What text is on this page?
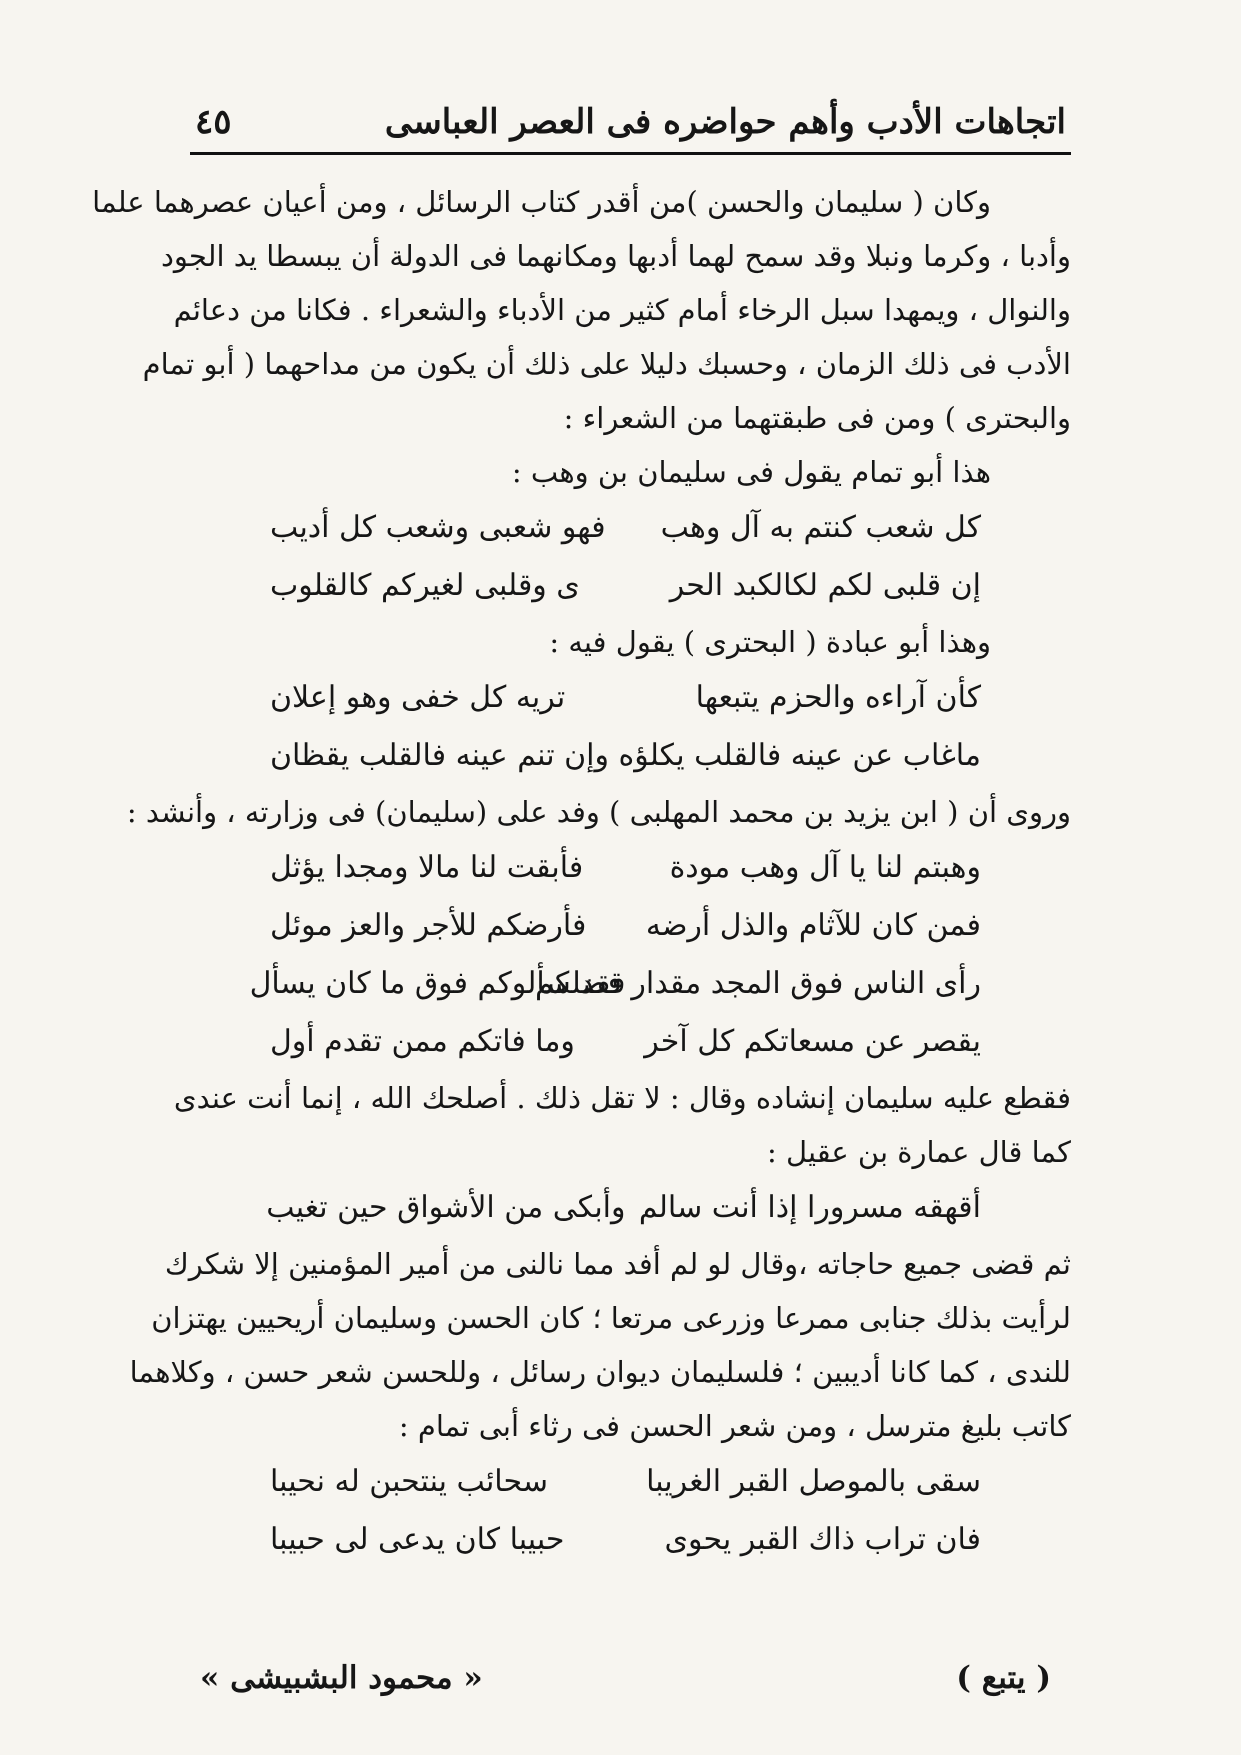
اتجاهات الأدب وأهم حواضره فى العصر العباسى
٤٥
وكان ( سليمان والحسن )من أقدر كتاب الرسائل ، ومن أعيان عصرهما علما
وأدبا ، وكرما ونبلا وقد سمح لهما أدبها ومكانهما فى الدولة أن يبسطا يد الجود
والنوال ، ويمهدا سبل الرخاء أمام كثير من الأدباء والشعراء . فكانا من دعائم
الأدب فى ذلك الزمان ، وحسبك دليلا على ذلك أن يكون من مداحهما ( أبو تمام
والبحترى ) ومن فى طبقتهما من الشعراء :
هذا أبو تمام يقول فى سليمان بن وهب :
كل شعب كنتم به آل وهب
فهو شعبى وشعب كل أديب
إن قلبى لكم لكالكبد الحر
ى وقلبى لغيركم كالقلوب
وهذا أبو عبادة ( البحترى ) يقول فيه :
كأن آراءه والحزم يتبعها
تريه كل خفى وهو إعلان
ماغاب عن عينه فالقلب يكلؤه
وإن تنم عينه فالقلب يقظان
وروى أن ( ابن يزيد بن محمد المهلبى ) وفد على (سليمان) فى وزارته ، وأنشد :
وهبتم لنا يا آل وهب مودة
فأبقت لنا مالا ومجدا يؤثل
فمن كان للآثام والذل أرضه
فأرضكم للأجر والعز موئل
رأى الناس فوق المجد مقدار فضلكم
فقد سألوكم فوق ما كان يسأل
يقصر عن مسعاتكم كل آخر
وما فاتكم ممن تقدم أول
فقطع عليه سليمان إنشاده وقال : لا تقل ذلك . أصلحك الله ، إنما أنت عندى
كما قال عمارة بن عقيل :
أقهقه مسرورا إذا أنت سالم
وأبكى من الأشواق حين تغيب
ثم قضى جميع حاجاته ،وقال لو لم أفد مما نالنى من أمير المؤمنين إلا شكرك
لرأيت بذلك جنابى ممرعا وزرعى مرتعا ؛ كان الحسن وسليمان أريحيين يهتزان
للندى ، كما كانا أديبين ؛ فلسليمان ديوان رسائل ، وللحسن شعر حسن ، وكلاهما
كاتب بليغ مترسل ، ومن شعر الحسن فى رثاء أبى تمام :
سقى بالموصل القبر الغريبا
سحائب ينتحبن له نحيبا
فان تراب ذاك القبر يحوى
حبيبا كان يدعى لى حبيبا
( يتبع )
« محمود البشبيشى »
